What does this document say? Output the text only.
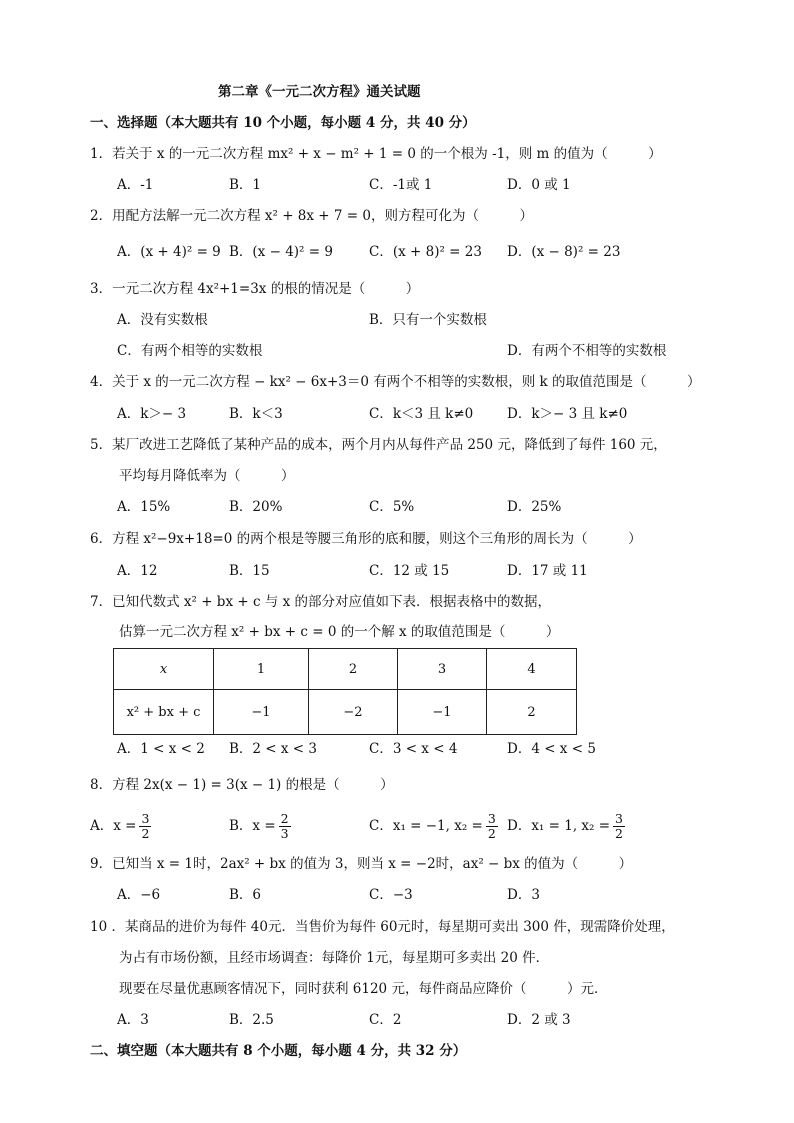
第二章《一元二次方程》通关试题
一、选择题（本大题共有 10 个小题，每小题 4 分，共 40 分）
1．若关于 x 的一元二次方程 mx² + x − m² + 1 = 0 的一个根为 -1，则 m 的值为（　　　）
A．-1	B．1	C．-1或 1	D．0 或 1
2．用配方法解一元二次方程 x² + 8x + 7 = 0，则方程可化为（　　　）
A．(x + 4)² = 9 B．(x − 4)² = 9	C．(x + 8)² = 23 D．(x − 8)² = 23
3．一元二次方程 4x²+1=3x 的根的情况是（　　　）
A．没有实数根	B．只有一个实数根
C．有两个相等的实数根	D．有两个不相等的实数根
4．关于 x 的一元二次方程 − kx² − 6x+3＝0 有两个不相等的实数根，则 k 的取值范围是（　　　）
A．k＞− 3	B．k＜3	C．k＜3 且 k≠0 D．k＞− 3 且 k≠0
5．某厂改进工艺降低了某种产品的成本，两个月内从每件产品 250 元，降低到了每件 160 元，
平均每月降低率为（　　　）
A．15%	B．20%	C．5%	D．25%
6．方程 x²−9x+18=0 的两个根是等腰三角形的底和腰，则这个三角形的周长为（　　　）
A．12	B．15	C．12 或 15	D．17 或 11
7．已知代数式 x² + bx + c 与 x 的部分对应值如下表．根据表格中的数据，
估算一元二次方程 x² + bx + c = 0 的一个解 x 的取值范围是（　　　）
x	1	2	3	4
x² + bx + c	−1	−2	−1	2
A．1 < x < 2 B．2 < x < 3	C．3 < x < 4	D．4 < x < 5
8．方程 2x(x − 1) = 3(x − 1) 的根是（　　　）
A．$x = \frac{3}{2}$	B．$x = \frac{2}{3}$	C．x₁ = −1, $x_2 = \frac{3}{2}$ D．x₁ = 1, $x_2 = \frac{3}{2}$
9．已知当 x = 1时，2ax² + bx 的值为 3，则当 x = −2时，ax² − bx 的值为（　　　）
A．−6	B．6	C．−3	D．3
10 ．某商品的进价为每件 40元．当售价为每件 60元时，每星期可卖出 300 件，现需降价处理，
为占有市场份额，且经市场调查：每降价 1元，每星期可多卖出 20 件．
现要在尽量优惠顾客情况下，同时获利 6120 元，每件商品应降价（　　　）元．
A．3	B．2.5	C．2	D．2 或 3
二、填空题（本大题共有 8 个小题，每小题 4 分，共 32 分）
